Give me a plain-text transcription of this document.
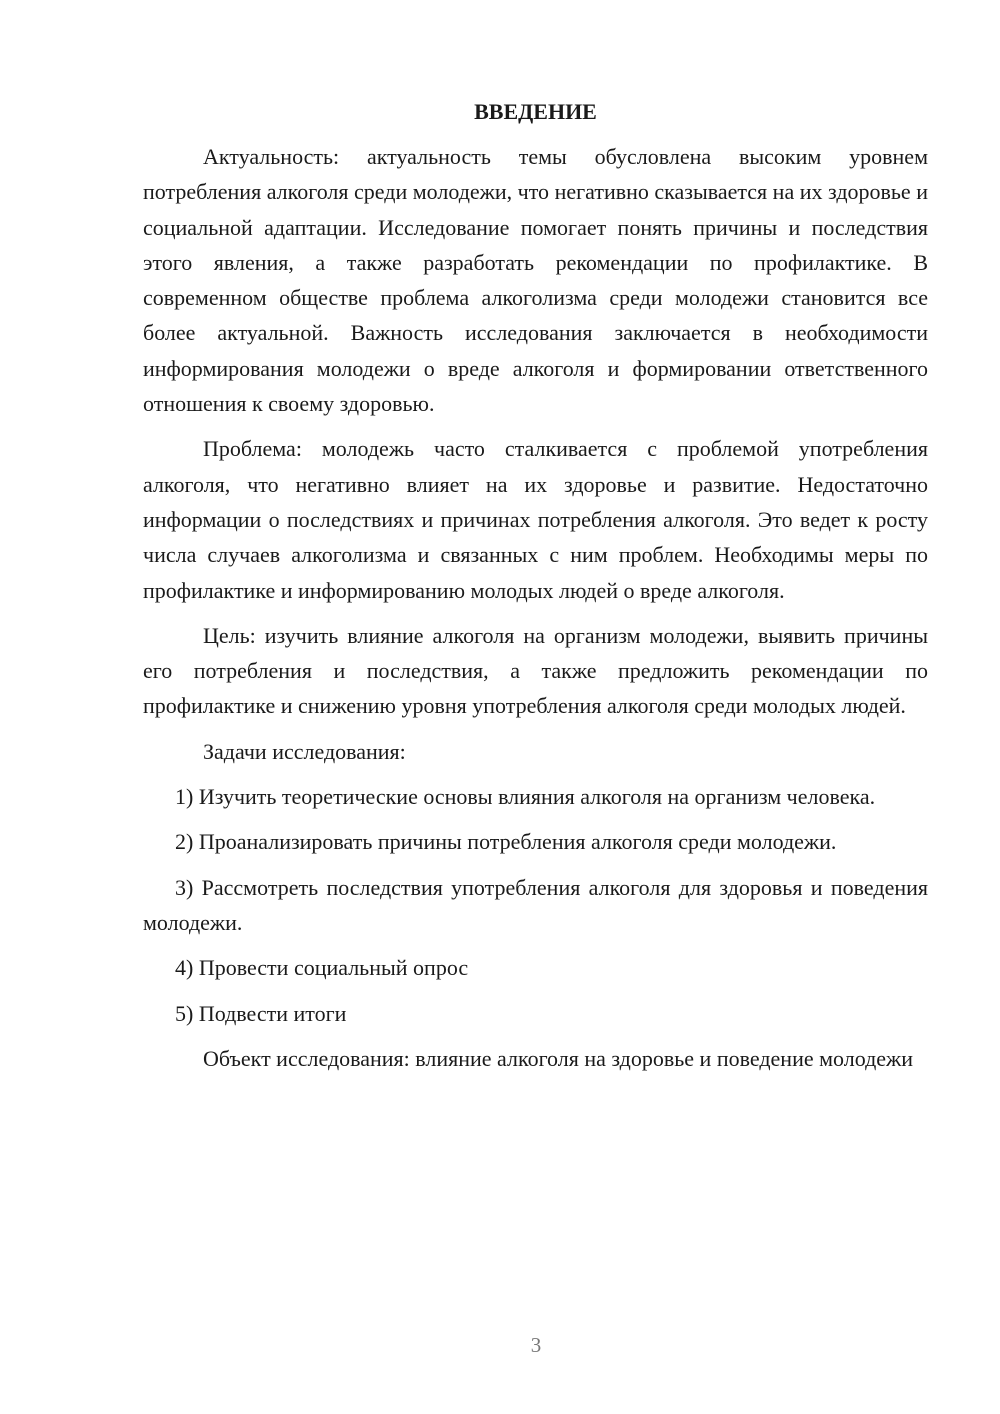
ВВЕДЕНИЕ

Актуальность: актуальность темы обусловлена высоким уровнем потребления алкоголя среди молодежи, что негативно сказывается на их здоровье и социальной адаптации. Исследование помогает понять причины и последствия этого явления, а также разработать рекомендации по профилактике. В современном обществе проблема алкоголизма среди молодежи становится все более актуальной. Важность исследования заключается в необходимости информирования молодежи о вреде алкоголя и формировании ответственного отношения к своему здоровью.

Проблема: молодежь часто сталкивается с проблемой употребления алкоголя, что негативно влияет на их здоровье и развитие. Недостаточно информации о последствиях и причинах потребления алкоголя. Это ведет к росту числа случаев алкоголизма и связанных с ним проблем. Необходимы меры по профилактике и информированию молодых людей о вреде алкоголя.

Цель: изучить влияние алкоголя на организм молодежи, выявить причины его потребления и последствия, а также предложить рекомендации по профилактике и снижению уровня употребления алкоголя среди молодых людей.

Задачи исследования:

1) Изучить теоретические основы влияния алкоголя на организм человека.

2) Проанализировать причины потребления алкоголя среди молодежи.

3) Рассмотреть последствия употребления алкоголя для здоровья и поведения молодежи.

4) Провести социальный опрос

5) Подвести итоги

Объект исследования: влияние алкоголя на здоровье и поведение молодежи

3
